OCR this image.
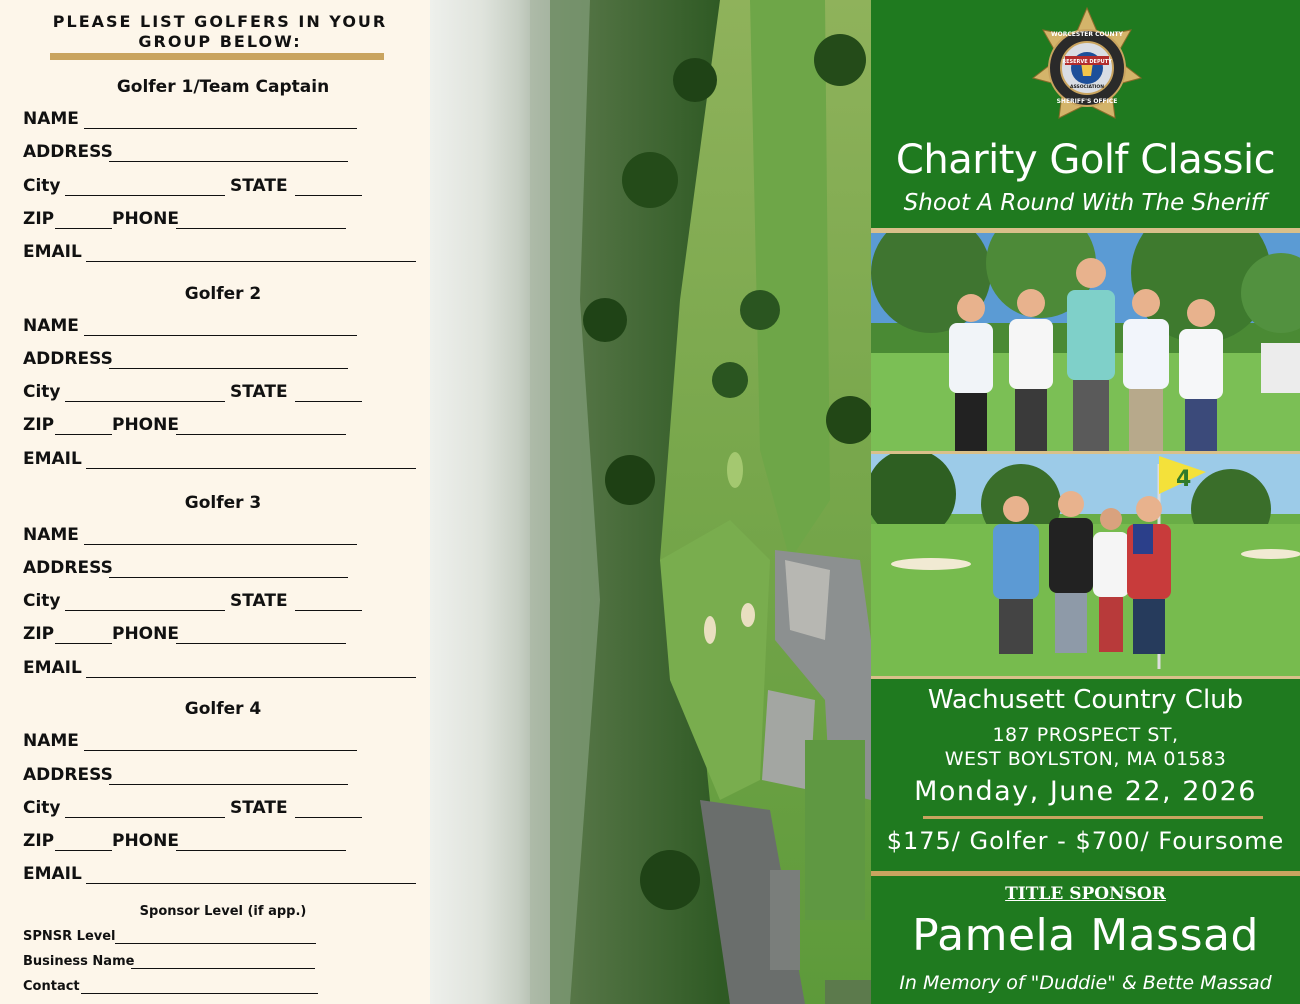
PLEASE LIST GOLFERS IN YOUR
GROUP BELOW:
Golfer 1/Team Captain
NAME
ADDRESS
City	STATE
ZIP	PHONE
EMAIL
Golfer 2
NAME
ADDRESS
City	STATE
ZIP	PHONE
EMAIL
Golfer 3
NAME
ADDRESS
City	STATE
ZIP	PHONE
EMAIL
Golfer 4
NAME
ADDRESS
City	STATE
ZIP	PHONE
EMAIL
Sponsor Level (if app.)
SPNSR Level
Business Name
Contact
RESERVE DEPUTY
WORCESTER COUNTY
ASSOCIATION
SHERIFF'S OFFICE
Charity Golf Classic
Shoot A Round With The Sheriff
4
Wachusett Country Club
187 PROSPECT ST,
WEST BOYLSTON, MA 01583
Monday, June 22, 2026
$175/ Golfer - $700/ Foursome
TITLE SPONSOR
Pamela Massad
In Memory of "Duddie" & Bette Massad
